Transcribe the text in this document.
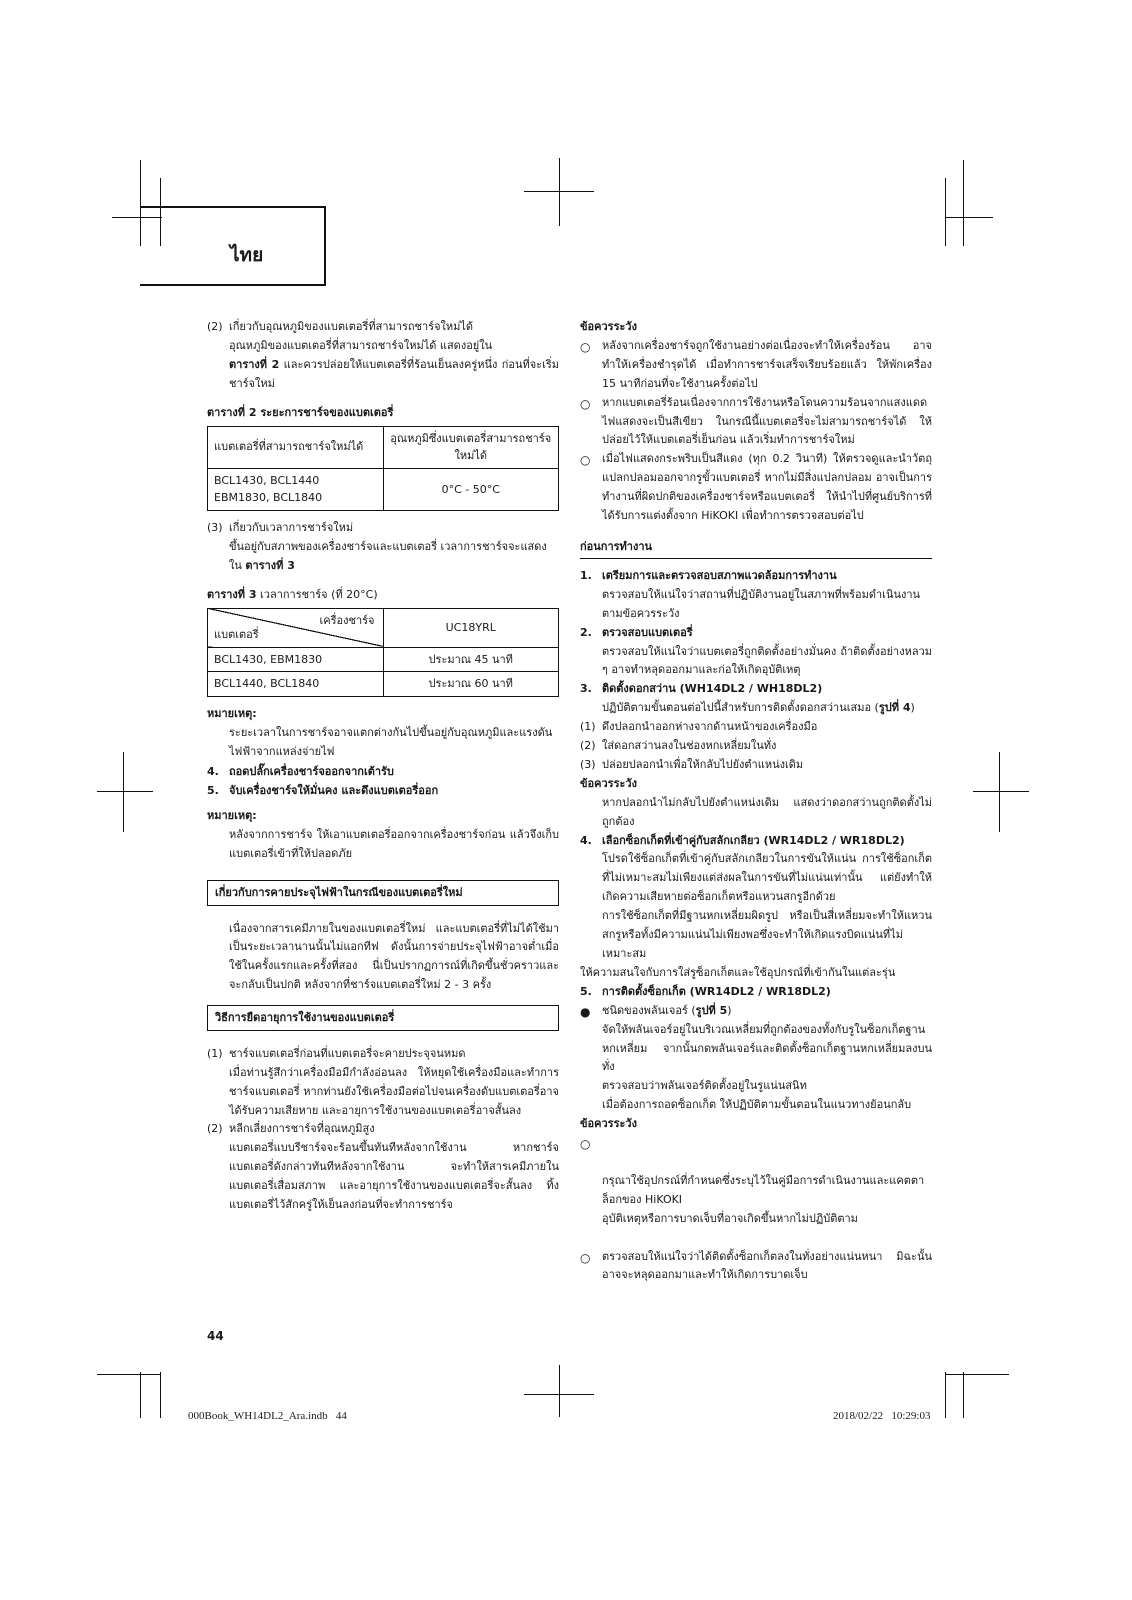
ไทย
(2) เกี่ยวกับอุณหภูมิของแบตเตอรี่ที่สามารถชาร์จใหม่ได้

อุณหภูมิของแบตเตอรี่ที่สามารถชาร์จใหม่ได้ แสดงอยู่ใน
ตารางที่ 2 และควรปล่อยให้แบตเตอรี่ที่ร้อนเย็นลงครู่หนึ่ง ก่อนที่จะเริ่มชาร์จใหม่

ตารางที่ 2 ระยะการชาร์จของแบตเตอรี่

แบตเตอรี่ที่สามารถชาร์จใหม่ได้	อุณหภูมิซึ่งแบตเตอรี่สามารถชาร์จใหม่ได้
BCL1430, BCL1440
EBM1830, BCL1840	0°C - 50°C
(3) เกี่ยวกับเวลาการชาร์จใหม่

ขึ้นอยู่กับสภาพของเครื่องชาร์จและแบตเตอรี่ เวลาการชาร์จจะแสดงใน ตารางที่ 3

ตารางที่ 3 เวลาการชาร์จ (ที่ 20°C)

เครื่องชาร์จ
แบตเตอรี่	UC18YRL
BCL1430, EBM1830	ประมาณ 45 นาที
BCL1440, BCL1840	ประมาณ 60 นาที

หมายเหตุ:

ระยะเวลาในการชาร์จอาจแตกต่างกันไปขึ้นอยู่กับอุณหภูมิและแรงดันไฟฟ้าจากแหล่งจ่ายไฟ

4. ถอดปลั๊กเครื่องชาร์จออกจากเต้ารับ

5. จับเครื่องชาร์จให้มั่นคง และดึงแบตเตอรี่ออก

หมายเหตุ:

หลังจากการชาร์จ ให้เอาแบตเตอรี่ออกจากเครื่องชาร์จก่อน แล้วจึงเก็บแบตเตอรี่เข้าที่ให้ปลอดภัย

เกี่ยวกับการคายประจุไฟฟ้าในกรณีของแบตเตอรี่ใหม่

เนื่องจากสารเคมีภายในของแบตเตอรี่ใหม่ และแบตเตอรี่ที่ไม่ได้ใช้มาเป็นระยะเวลานานนั้นไม่แอกทีฟ ดังนั้นการจ่ายประจุไฟฟ้าอาจต่ำเมื่อใช้ในครั้งแรกและครั้งที่สอง นี่เป็นปรากฏการณ์ที่เกิดขึ้นชั่วคราวและจะกลับเป็นปกติ หลังจากที่ชาร์จแบตเตอรี่ใหม่ 2 - 3 ครั้ง

วิธีการยืดอายุการใช้งานของแบตเตอรี่
(1) ชาร์จแบตเตอรี่ก่อนที่แบตเตอรี่จะคายประจุจนหมด

เมื่อท่านรู้สึกว่าเครื่องมือมีกำลังอ่อนลง ให้หยุดใช้เครื่องมือและทำการชาร์จแบตเตอรี่ หากท่านยังใช้เครื่องมือต่อไปจนเครื่องดับแบตเตอรี่อาจได้รับความเสียหาย และอายุการใช้งานของแบตเตอรี่อาจสั้นลง

(2) หลีกเลี่ยงการชาร์จที่อุณหภูมิสูง

แบตเตอรี่แบบรีชาร์จจะร้อนขึ้นทันทีหลังจากใช้งาน หากชาร์จแบตเตอรี่ดังกล่าวทันทีหลังจากใช้งาน จะทำให้สารเคมีภายในแบตเตอรี่เสื่อมสภาพ และอายุการใช้งานของแบตเตอรี่จะสั้นลง ทิ้งแบตเตอรี่ไว้สักครู่ให้เย็นลงก่อนที่จะทำการชาร์จ

ข้อควรระวัง

○ หลังจากเครื่องชาร์จถูกใช้งานอย่างต่อเนื่องจะทำให้เครื่องร้อน อาจทำให้เครื่องชำรุดได้ เมื่อทำการชาร์จเสร็จเรียบร้อยแล้ว ให้พักเครื่อง 15 นาทีก่อนที่จะใช้งานครั้งต่อไป

○ หากแบตเตอรี่ร้อนเนื่องจากการใช้งานหรือโดนความร้อนจากแสงแดด ไฟแสดงจะเป็นสีเขียว ในกรณีนี้แบตเตอรี่จะไม่สามารถชาร์จได้ ให้ปล่อยไว้ให้แบตเตอรี่เย็นก่อน แล้วเริ่มทำการชาร์จใหม่

○ เมื่อไฟแสดงกระพริบเป็นสีแดง (ทุก 0.2 วินาที) ให้ตรวจดูและนำวัตถุแปลกปลอมออกจากรูขั้วแบตเตอรี่ หากไม่มีสิ่งแปลกปลอม อาจเป็นการทำงานที่ผิดปกติของเครื่องชาร์จหรือแบตเตอรี่ ให้นำไปที่ศูนย์บริการที่ได้รับการแต่งตั้งจาก HiKOKI เพื่อทำการตรวจสอบต่อไป

ก่อนการทำงาน
1. เตรียมการและตรวจสอบสภาพแวดล้อมการทำงาน

ตรวจสอบให้แน่ใจว่าสถานที่ปฏิบัติงานอยู่ในสภาพที่พร้อมดำเนินงานตามข้อควรระวัง

2. ตรวจสอบแบตเตอรี่

ตรวจสอบให้แน่ใจว่าแบตเตอรี่ถูกติดตั้งอย่างมั่นคง ถ้าติดตั้งอย่างหลวม ๆ อาจทำหลุดออกมาและก่อให้เกิดอุบัติเหตุ

3. ติดตั้งดอกสว่าน (WH14DL2 / WH18DL2)

ปฏิบัติตามขั้นตอนต่อไปนี้สำหรับการติดตั้งดอกสว่านเสมอ (รูปที่ 4)

(1) ดึงปลอกนำออกห่างจากด้านหน้าของเครื่องมือ

(2) ใส่ดอกสว่านลงในช่องหกเหลี่ยมในทั่ง

(3) ปล่อยปลอกนำเพื่อให้กลับไปยังตำแหน่งเดิม

ข้อควรระวัง

หากปลอกนำไม่กลับไปยังตำแหน่งเดิม แสดงว่าดอกสว่านถูกติดตั้งไม่ถูกต้อง

4. เลือกซ็อกเก็ตที่เข้าคู่กับสลักเกลียว (WR14DL2 / WR18DL2)

โปรดใช้ซ็อกเก็ตที่เข้าคู่กับสลักเกลียวในการขันให้แน่น การใช้ซ็อกเก็ตที่ไม่เหมาะสมไม่เพียงแต่ส่งผลในการขันที่ไม่แน่นเท่านั้น แต่ยังทำให้เกิดความเสียหายต่อซ็อกเก็ตหรือแหวนสกรูอีกด้วย

การใช้ซ็อกเก็ตที่มีฐานหกเหลี่ยมผิดรูป หรือเป็นสี่เหลี่ยมจะทำให้แหวนสกรูหรือทั้งมีความแน่นไม่เพียงพอซึ่งจะทำให้เกิดแรงบิดแน่นที่ไม่เหมาะสม

ให้ความสนใจกับการใส่รูซ็อกเก็ตและใช้อุปกรณ์ที่เข้ากันในแต่ละรุ่น

5. การติดตั้งซ็อกเก็ต (WR14DL2 / WR18DL2)

● ชนิดของพลันเจอร์ (รูปที่ 5)

จัดให้พลันเจอร์อยู่ในบริเวณเหลี่ยมที่ถูกต้องของทั้งกับรูในซ็อกเก็ตฐานหกเหลี่ยม จากนั้นกดพลันเจอร์และติดตั้งซ็อกเก็ตฐานหกเหลี่ยมลงบนทั่ง

ตรวจสอบว่าพลันเจอร์ติดตั้งอยู่ในรูแน่นสนิท

เมื่อต้องการถอดซ็อกเก็ต ให้ปฏิบัติตามขั้นตอนในแนวทางย้อนกลับ

ข้อควรระวัง

○

กรุณาใช้อุปกรณ์ที่กำหนดซึ่งระบุไว้ในคู่มือการดำเนินงานและแคตตาล็อกของ HiKOKI
อุบัติเหตุหรือการบาดเจ็บที่อาจเกิดขึ้นหากไม่ปฏิบัติตาม

○ ตรวจสอบให้แน่ใจว่าได้ติดตั้งซ็อกเก็ตลงในทั่งอย่างแน่นหนา มิฉะนั้นอาจจะหลุดออกมาและทำให้เกิดการบาดเจ็บ

44
000Book_WH14DL2_Ara.indb   44	2018/02/22   10:29:03
